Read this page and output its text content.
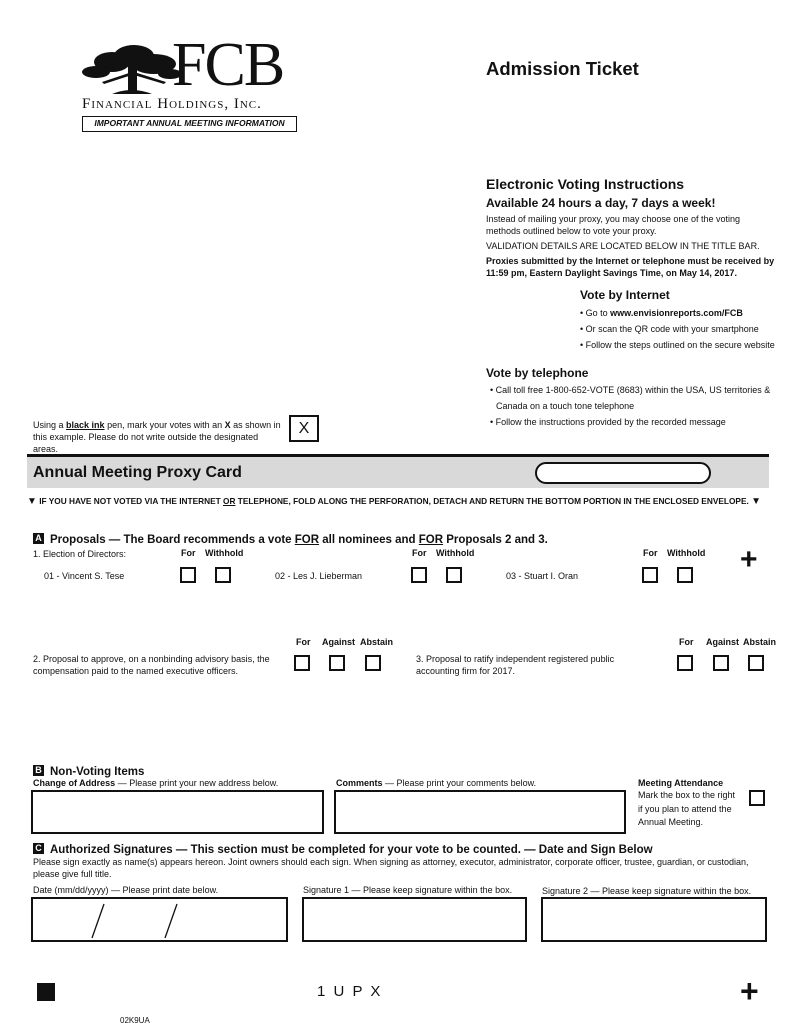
FCB
Financial Holdings, Inc.
IMPORTANT ANNUAL MEETING INFORMATION
Admission Ticket
Electronic Voting Instructions
Available 24 hours a day, 7 days a week!
Instead of mailing your proxy, you may choose one of the voting methods outlined below to vote your proxy.
VALIDATION DETAILS ARE LOCATED BELOW IN THE TITLE BAR.
Proxies submitted by the Internet or telephone must be received by 11:59 pm, Eastern Daylight Savings Time, on May 14, 2017.
Vote by Internet
• Go to www.envisionreports.com/FCB
• Or scan the QR code with your smartphone
• Follow the steps outlined on the secure website
Vote by telephone
• Call toll free 1-800-652-VOTE (8683) within the USA, US territories &
Canada on a touch tone telephone
• Follow the instructions provided by the recorded message
Using a black ink pen, mark your votes with an X as shown in this example. Please do not write outside the designated areas.
X
Annual Meeting Proxy Card
▼ IF YOU HAVE NOT VOTED VIA THE INTERNET OR TELEPHONE, FOLD ALONG THE PERFORATION, DETACH AND RETURN THE BOTTOM PORTION IN THE ENCLOSED ENVELOPE. ▼
A Proposals — The Board recommends a vote FOR all nominees and FOR Proposals 2 and 3.
1. Election of Directors:	For Withhold	For Withhold	For Withhold +
01 - Vincent S. Tese	02 - Les J. Lieberman	03 - Stuart I. Oran
For Against Abstain	For Against Abstain
2. Proposal to approve, on a nonbinding advisory basis, the compensation paid to the named executive officers.
3. Proposal to ratify independent registered public accounting firm for 2017.
B Non-Voting Items
Change of Address — Please print your new address below.	Comments — Please print your comments below.	Meeting Attendance
Mark the box to the right if you plan to attend the Annual Meeting.
C Authorized Signatures — This section must be completed for your vote to be counted. — Date and Sign Below
Please sign exactly as name(s) appears hereon. Joint owners should each sign. When signing as attorney, executor, administrator, corporate officer, trustee, guardian, or custodian, please give full title.
Date (mm/dd/yyyy) — Please print date below.	Signature 1 — Please keep signature within the box.	Signature 2 — Please keep signature within the box.
1 U P X	+
02K9UA
